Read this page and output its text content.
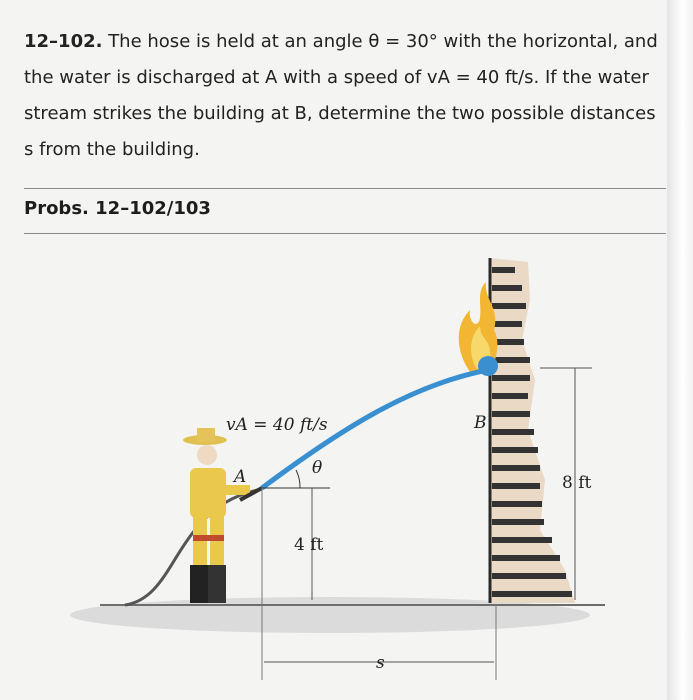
12–102. The hose is held at an angle θ = 30° with the horizontal, and
the water is discharged at A with a speed of vA = 40 ft/s. If the water
stream strikes the building at B, determine the two possible distances
s from the building.
Probs. 12–102/103
θ
4 ft
8 ft
s
vA = 40 ft/s
A
B
